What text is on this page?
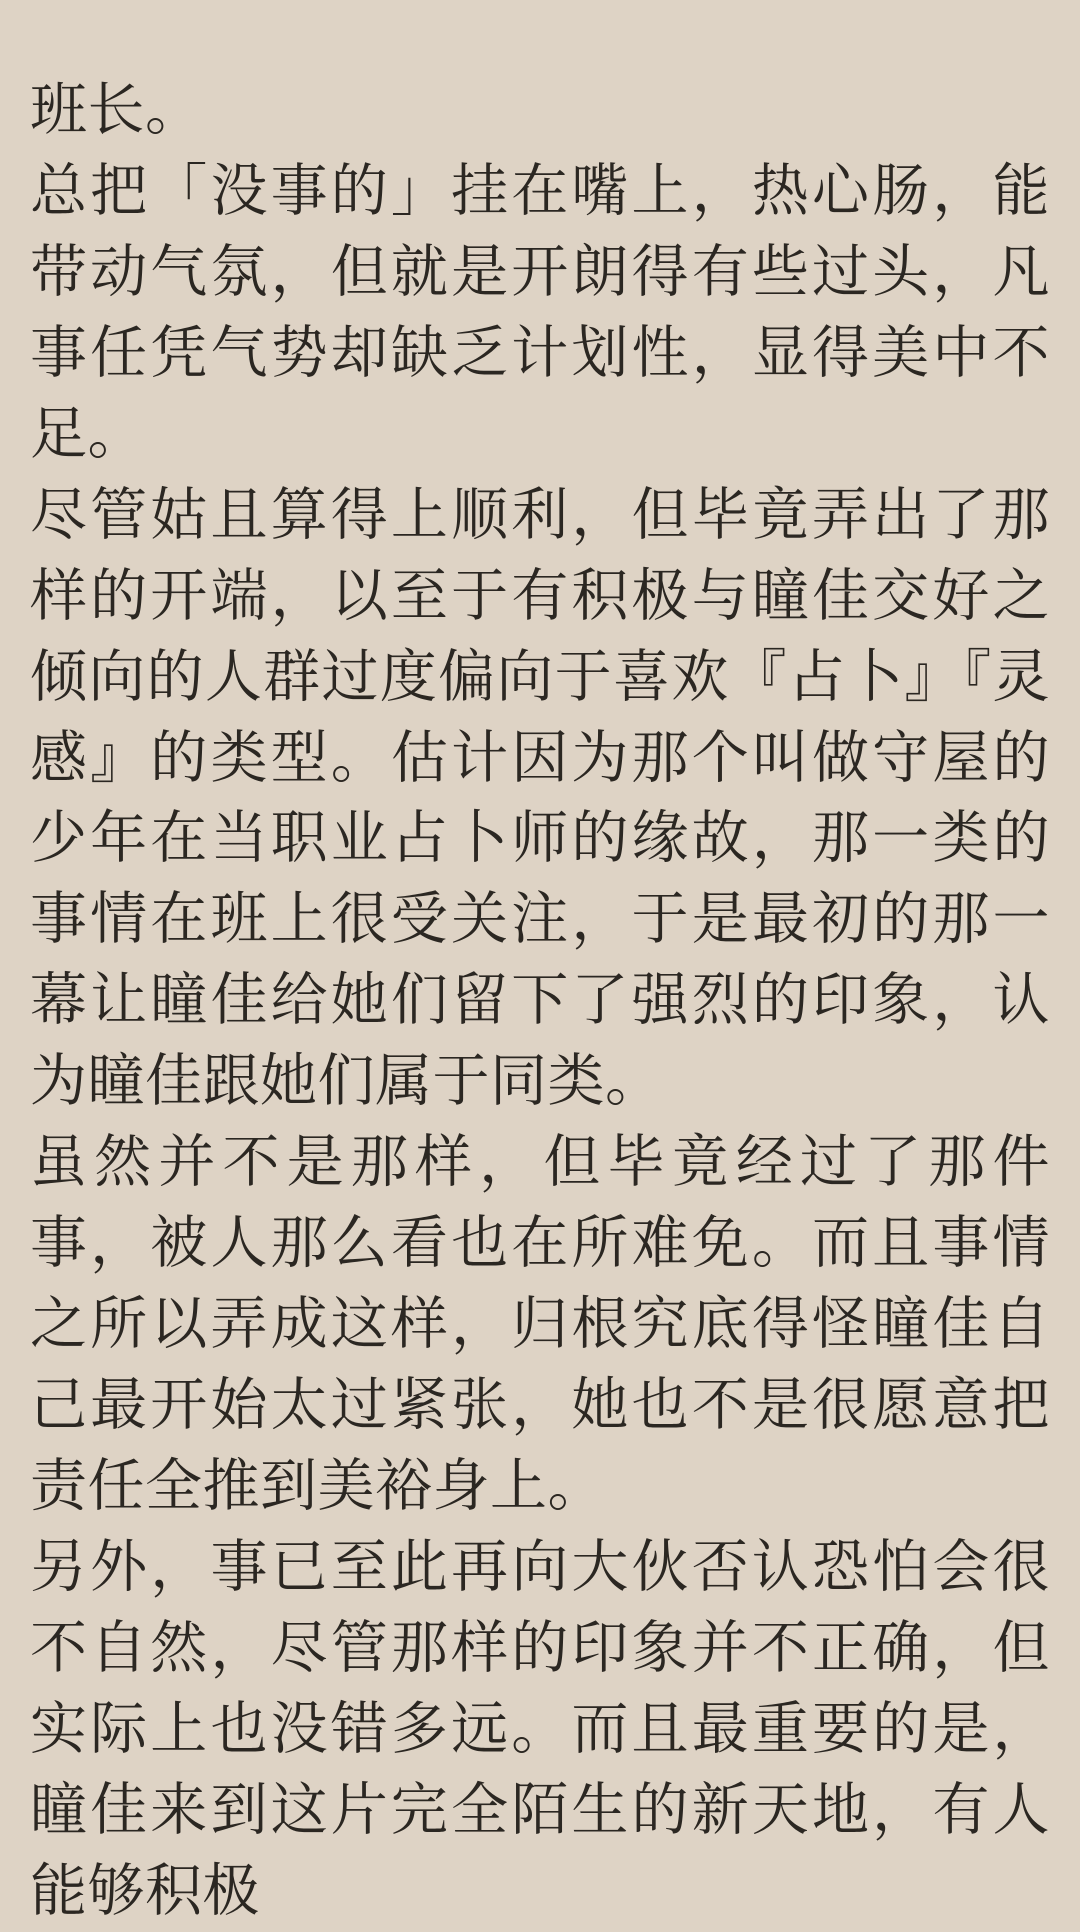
班长。

总把「没事的」挂在嘴上，热心肠，能带动气氛，但就是开朗得有些过头，凡事任凭气势却缺乏计划性，显得美中不足。

尽管姑且算得上顺利，但毕竟弄出了那样的开端，以至于有积极与瞳佳交好之倾向的人群过度偏向于喜欢『占卜』『灵感』的类型。估计因为那个叫做守屋的少年在当职业占卜师的缘故，那一类的事情在班上很受关注，于是最初的那一幕让瞳佳给她们留下了强烈的印象，认为瞳佳跟她们属于同类。

虽然并不是那样，但毕竟经过了那件事，被人那么看也在所难免。而且事情之所以弄成这样，归根究底得怪瞳佳自己最开始太过紧张，她也不是很愿意把责任全推到美裕身上。

另外，事已至此再向大伙否认恐怕会很不自然，尽管那样的印象并不正确，但实际上也没错多远。而且最重要的是，瞳佳来到这片完全陌生的新天地，有人能够积极
